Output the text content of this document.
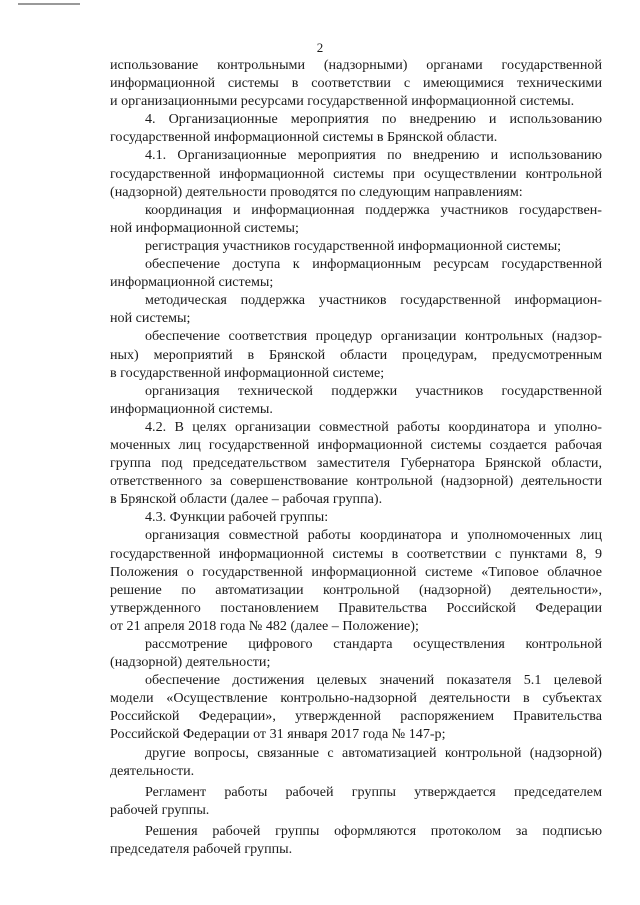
2

использование контрольными (надзорными) органами государственной

информационной системы в соответствии с имеющимися техническими

и организационными ресурсами государственной информационной системы.

4. Организационные мероприятия по внедрению и использованию

государственной информационной системы в Брянской области.

4.1. Организационные мероприятия по внедрению и использованию

государственной информационной системы при осуществлении контрольной

(надзорной) деятельности проводятся по следующим направлениям:

координация и информационная поддержка участников государствен-

ной информационной системы;

регистрация участников государственной информационной системы;

обеспечение доступа к информационным ресурсам государственной

информационной системы;

методическая поддержка участников государственной информацион-

ной системы;

обеспечение соответствия процедур организации контрольных (надзор-

ных) мероприятий в Брянской области процедурам, предусмотренным

в государственной информационной системе;

организация технической поддержки участников государственной

информационной системы.

4.2. В целях организации совместной работы координатора и уполно-

моченных лиц государственной информационной системы создается рабочая

группа под председательством заместителя Губернатора Брянской области,

ответственного за совершенствование контрольной (надзорной) деятельности

в Брянской области (далее – рабочая группа).

4.3. Функции рабочей группы:

организация совместной работы координатора и уполномоченных лиц

государственной информационной системы в соответствии с пунктами 8, 9

Положения о государственной информационной системе «Типовое облачное

решение по автоматизации контрольной (надзорной) деятельности»,

утвержденного постановлением Правительства Российской Федерации

от 21 апреля 2018 года № 482 (далее – Положение);

рассмотрение цифрового стандарта осуществления контрольной

(надзорной) деятельности;

обеспечение достижения целевых значений показателя 5.1 целевой

модели «Осуществление контрольно-надзорной деятельности в субъектах

Российской Федерации», утвержденной распоряжением Правительства

Российской Федерации от 31 января 2017 года № 147-р;

другие вопросы, связанные с автоматизацией контрольной (надзорной)

деятельности.

Регламент работы рабочей группы утверждается председателем

рабочей группы.

Решения рабочей группы оформляются протоколом за подписью

председателя рабочей группы.
